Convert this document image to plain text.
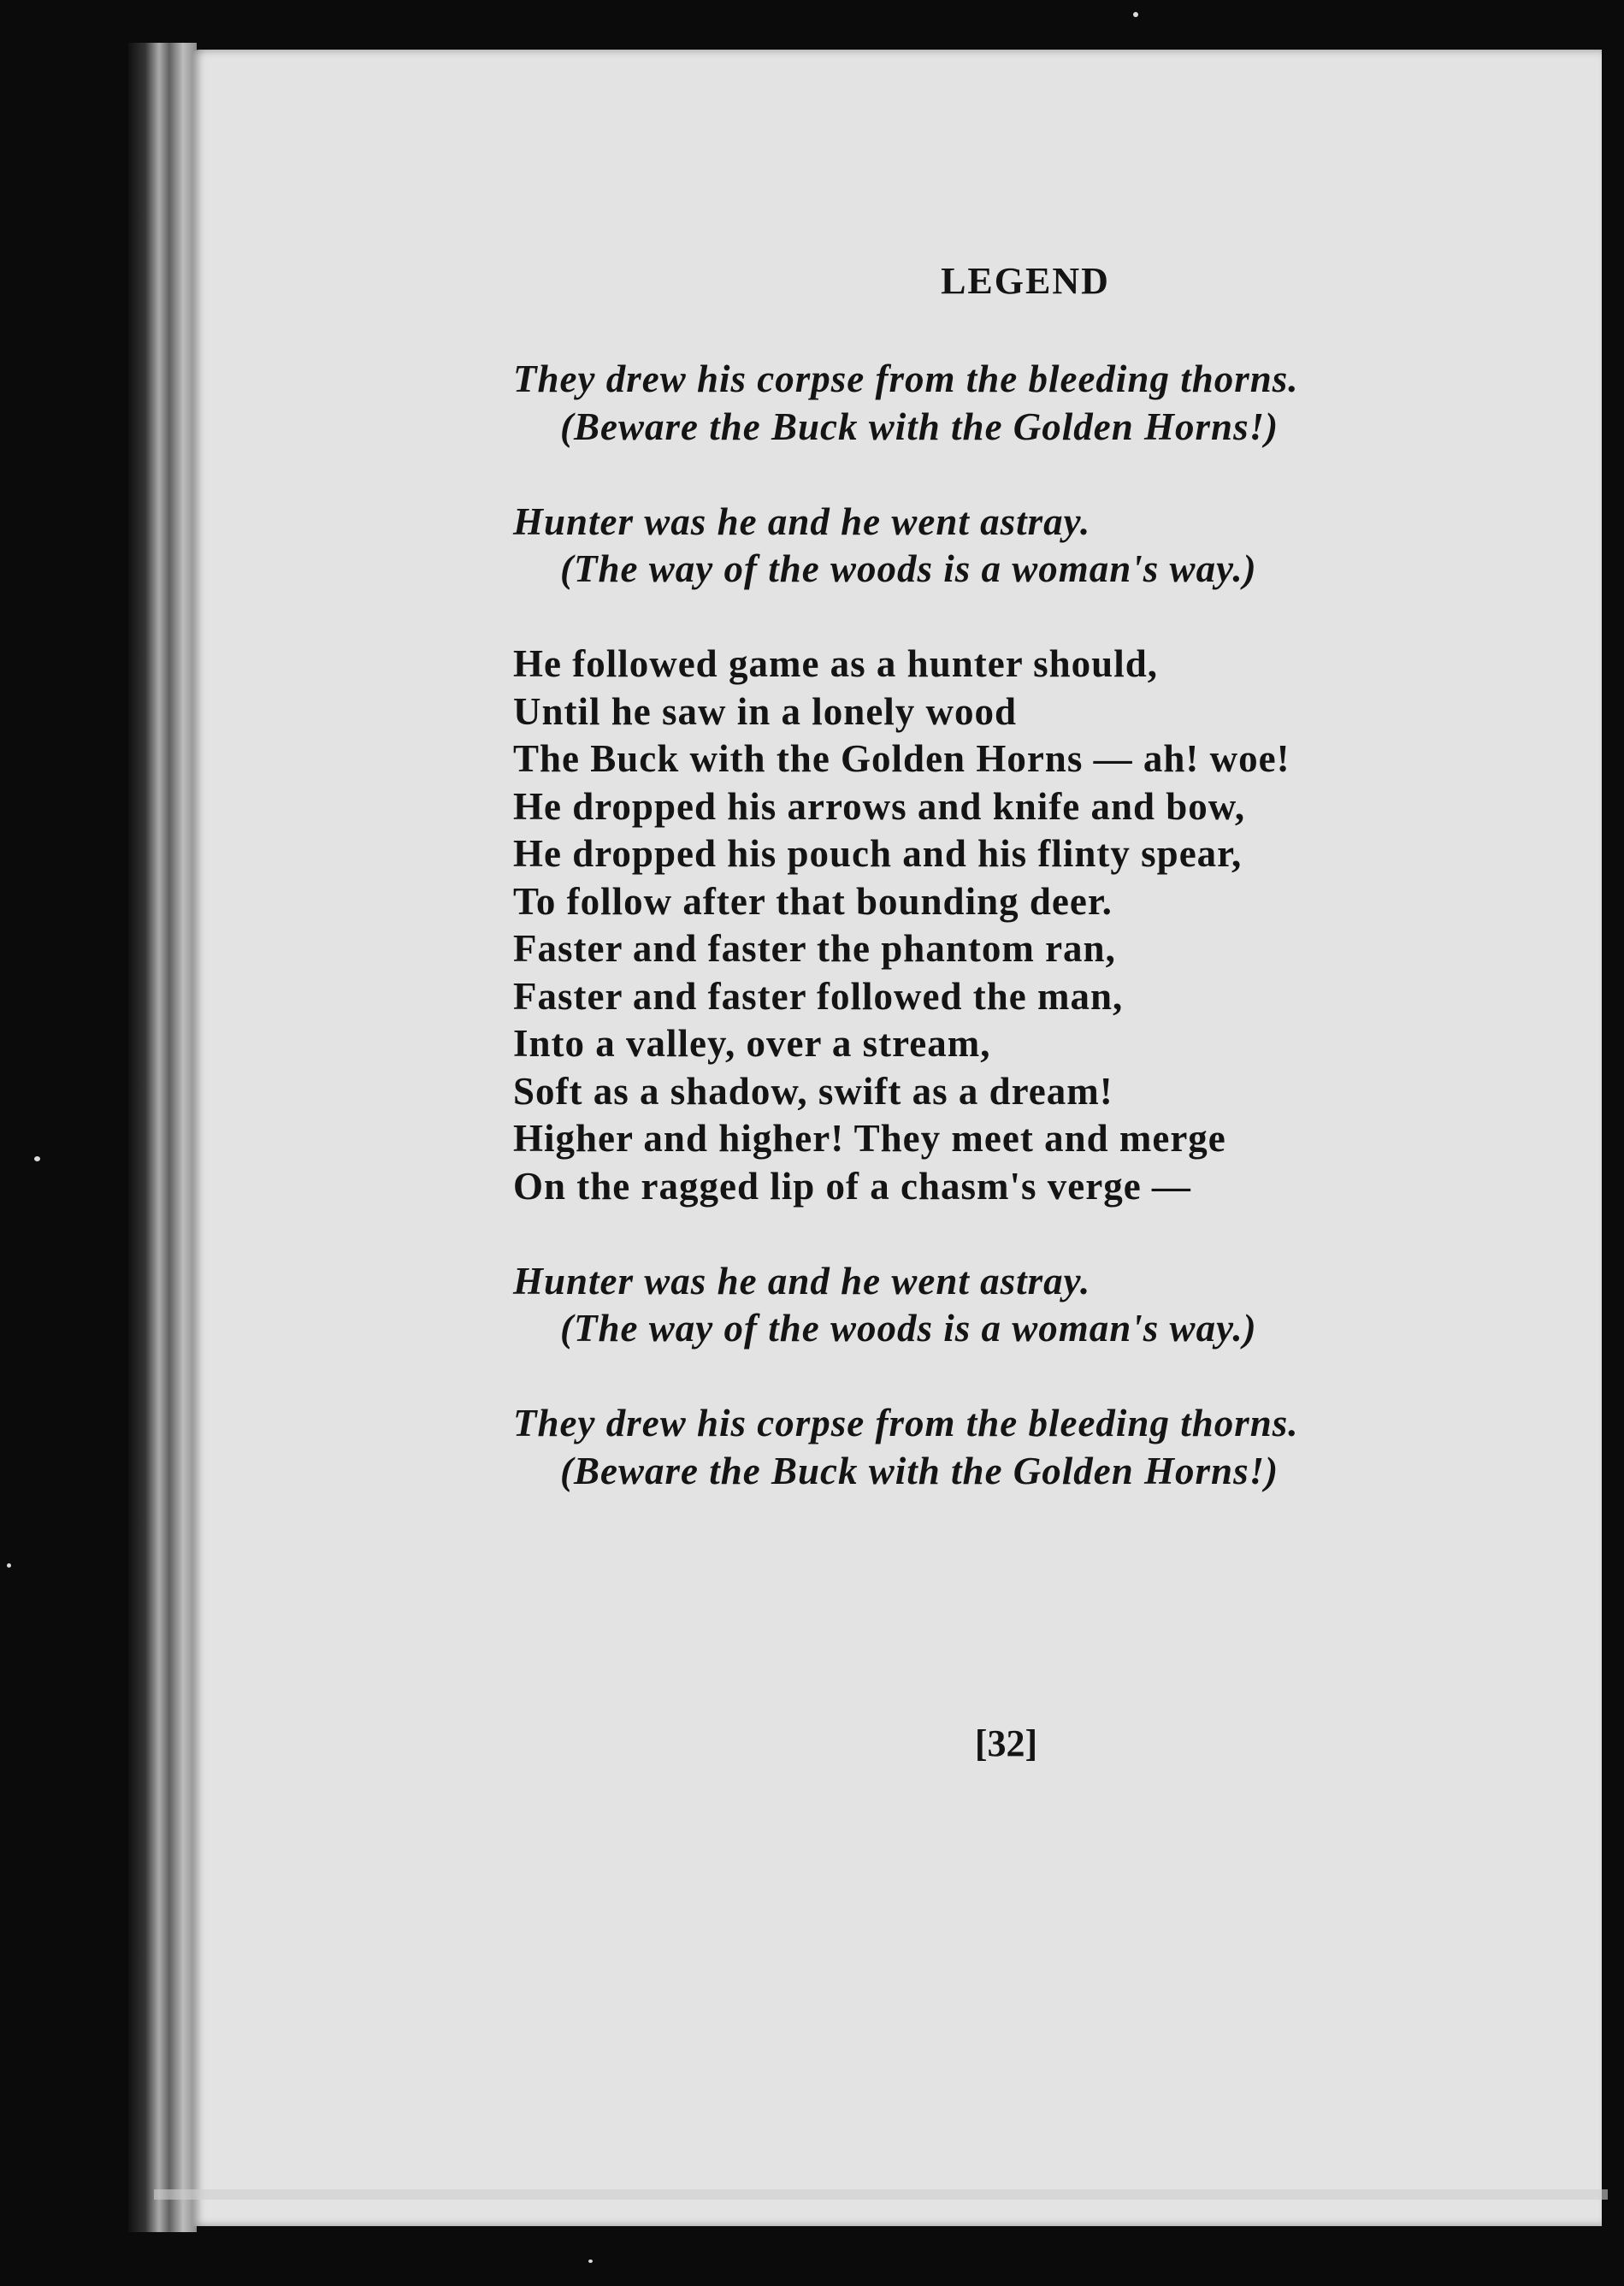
LEGEND
They drew his corpse from the bleeding thorns.
(Beware the Buck with the Golden Horns!)
Hunter was he and he went astray.
(The way of the woods is a woman's way.)
He followed game as a hunter should,
Until he saw in a lonely wood
The Buck with the Golden Horns — ah! woe!
He dropped his arrows and knife and bow,
He dropped his pouch and his flinty spear,
To follow after that bounding deer.
Faster and faster the phantom ran,
Faster and faster followed the man,
Into a valley, over a stream,
Soft as a shadow, swift as a dream!
Higher and higher! They meet and merge
On the ragged lip of a chasm's verge —
Hunter was he and he went astray.
(The way of the woods is a woman's way.)
They drew his corpse from the bleeding thorns.
(Beware the Buck with the Golden Horns!)
[32]
